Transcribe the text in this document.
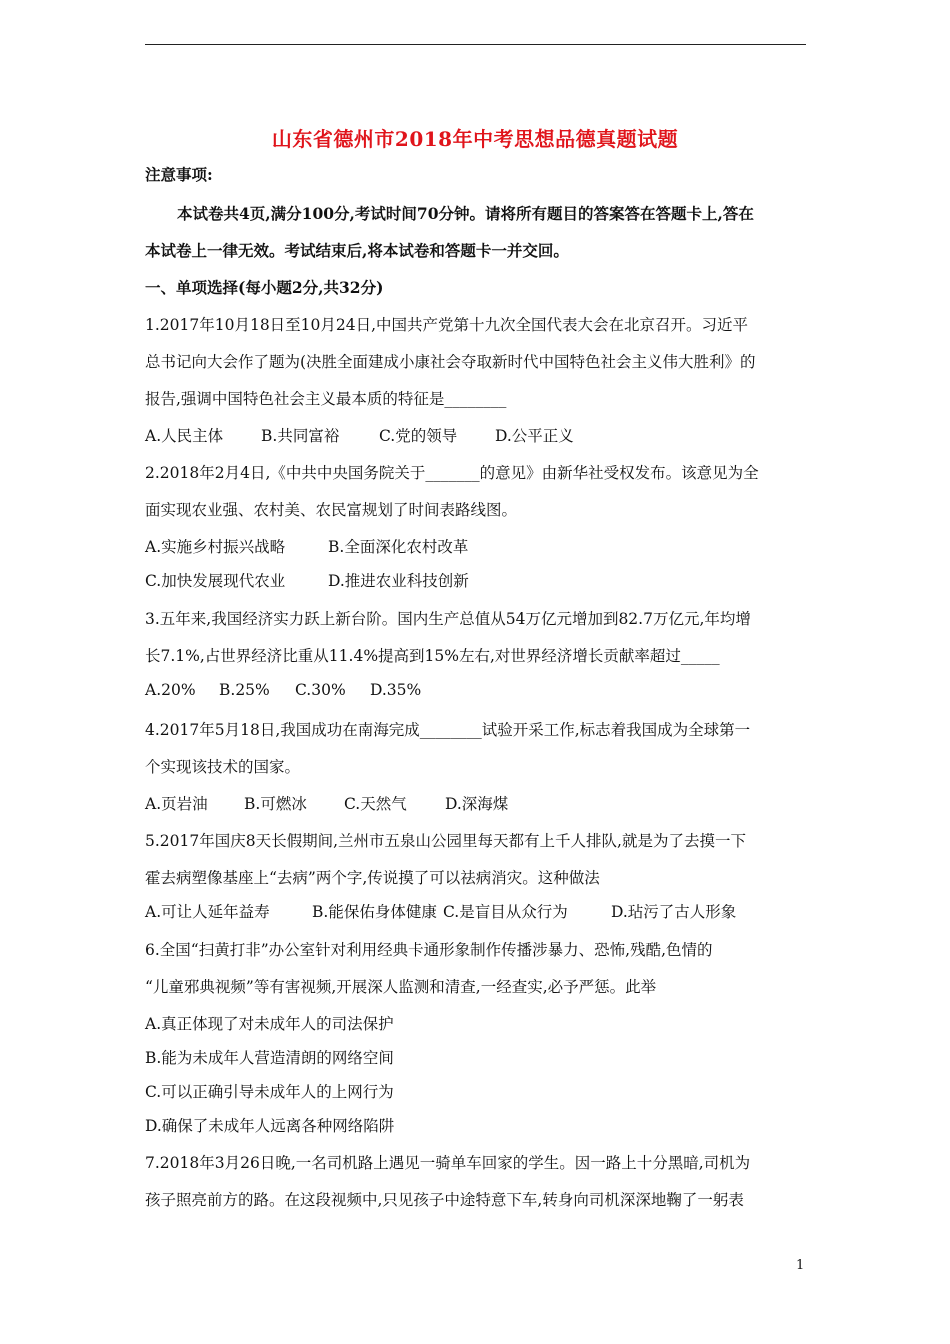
山东省德州市2018年中考思想品德真题试题

注意事项:

本试卷共4页,满分100分,考试时间70分钟。请将所有题目的答案答在答题卡上,答在

本试卷上一律无效。考试结束后,将本试卷和答题卡一并交回。

一、单项选择(每小题2分,共32分)

1.2017年10月18日至10月24日,中国共产党第十九次全国代表大会在北京召开。习近平

总书记向大会作了题为(决胜全面建成小康社会夺取新时代中国特色社会主义伟大胜利》的

报告,强调中国特色社会主义最本质的特征是________

A.人民主体 B.共同富裕	C.党的领导 D.公平正义

2.2018年2月4日,《中共中央国务院关于_______的意见》由新华社受权发布。该意见为全

面实现农业强、农村美、农民富规划了时间表路线图。

A.实施乡村振兴战略	B.全面深化农村改革

C.加快发展现代农业	D.推进农业科技创新

3.五年来,我国经济实力跃上新台阶。国内生产总值从54万亿元增加到82.7万亿元,年均增

长7.1%,占世界经济比重从11.4%提高到15%左右,对世界经济增长贡献率超过_____

A.20% B.25% C.30% D.35%

4.2017年5月18日,我国成功在南海完成________试验开采工作,标志着我国成为全球第一

个实现该技术的国家。

A.页岩油 B.可燃冰 C.天然气 D.深海煤

5.2017年国庆8天长假期间,兰州市五泉山公园里每天都有上千人排队,就是为了去摸一下

霍去病塑像基座上“去病”两个字,传说摸了可以祛病消灾。这种做法

A.可让人延年益寿	B.能保佑身体健康 C.是盲目从众行为	D.玷污了古人形象

6.全国“扫黄打非”办公室针对利用经典卡通形象制作传播涉暴力、恐怖,残酷,色情的

“儿童邪典视频”等有害视频,开展深人监测和清查,一经查实,必予严惩。此举

A.真正体现了对未成年人的司法保护

B.能为未成年人营造清朗的网络空间

C.可以正确引导未成年人的上网行为

D.确保了未成年人远离各种网络陷阱

7.2018年3月26日晚,一名司机路上遇见一骑单车回家的学生。因一路上十分黑暗,司机为

孩子照亮前方的路。在这段视频中,只见孩子中途特意下车,转身向司机深深地鞠了一躬表

1
